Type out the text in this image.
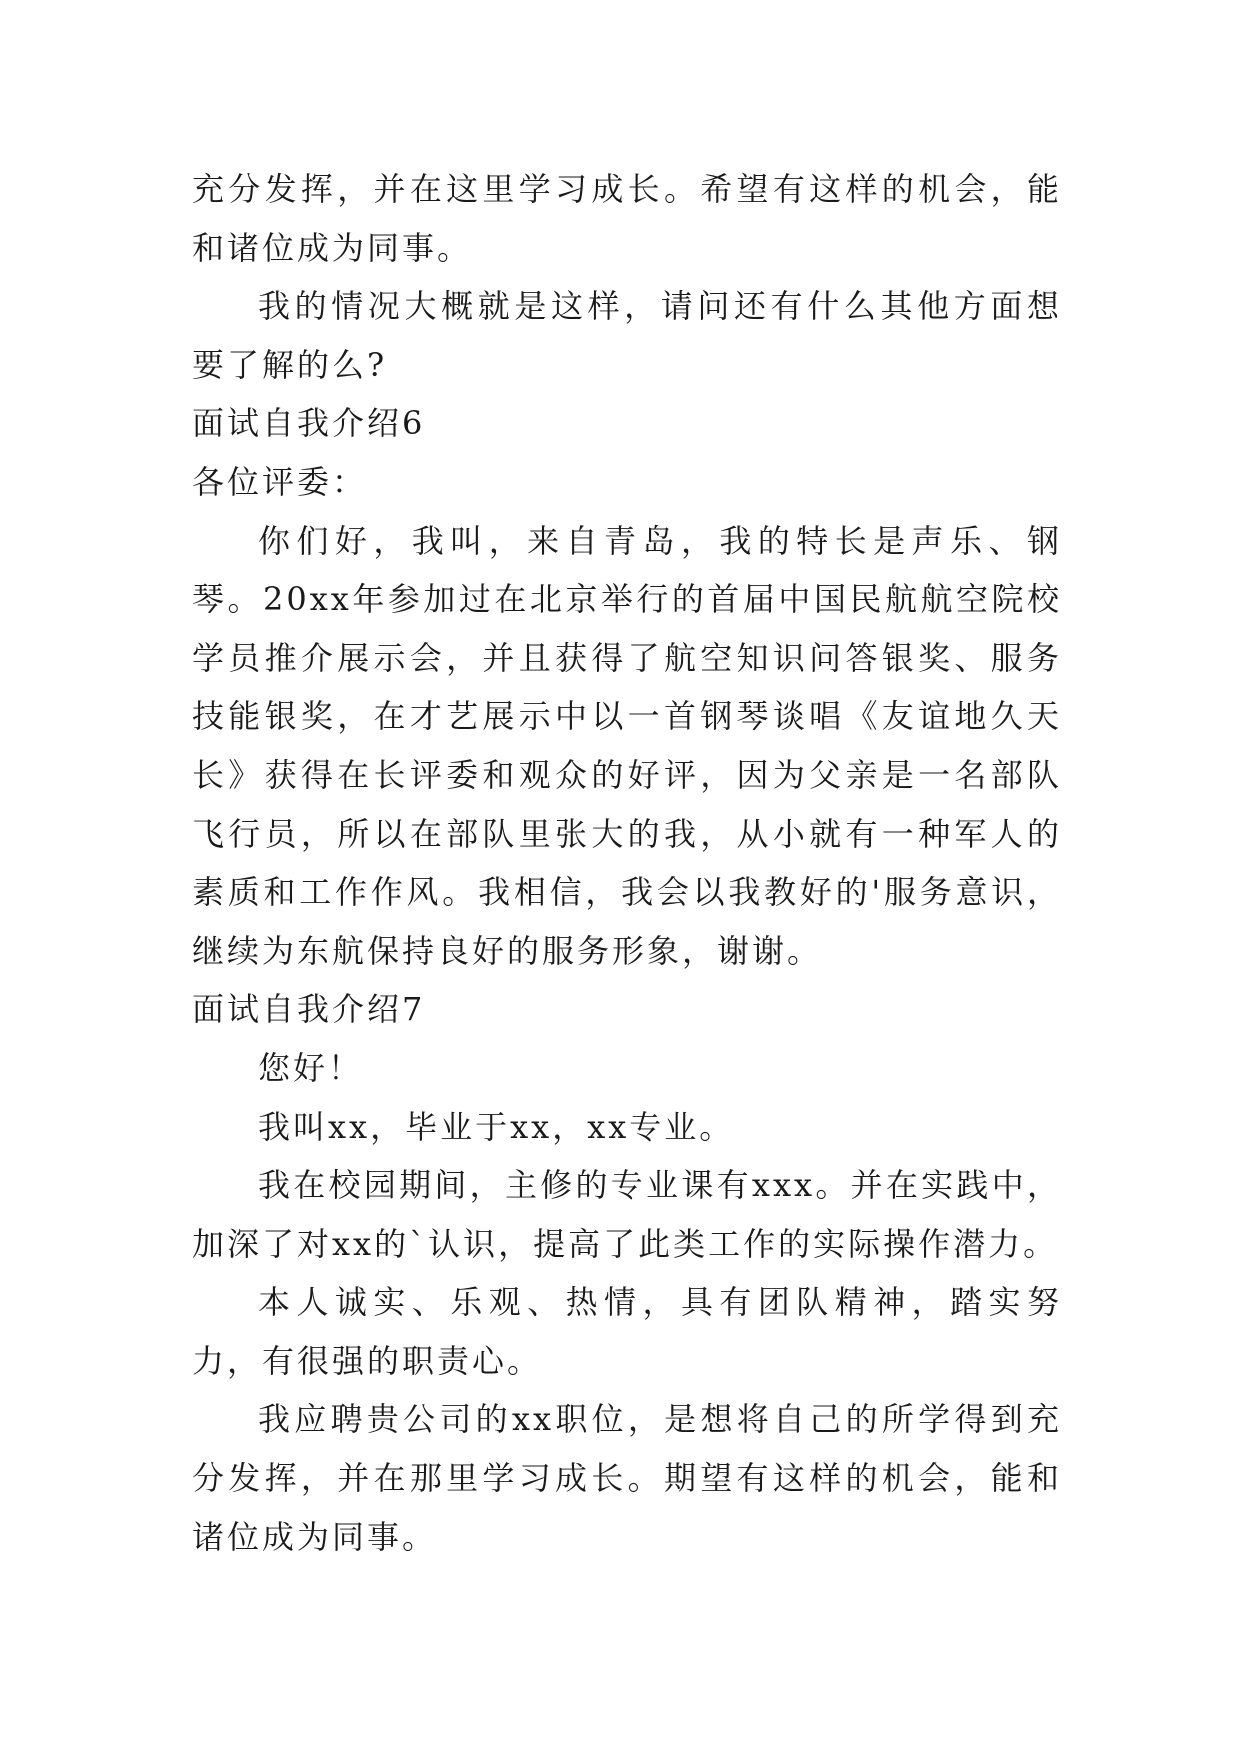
充分发挥，并在这里学习成长。希望有这样的机会，能和诸位成为同事。

我的情况大概就是这样，请问还有什么其他方面想要了解的么?

面试自我介绍6

各位评委：

你们好，我叫，来自青岛，我的特长是声乐、钢琴。20xx年参加过在北京举行的首届中国民航航空院校学员推介展示会，并且获得了航空知识问答银奖、服务技能银奖，在才艺展示中以一首钢琴谈唱《友谊地久天长》获得在长评委和观众的好评，因为父亲是一名部队飞行员，所以在部队里张大的我，从小就有一种军人的素质和工作作风。我相信，我会以我教好的'服务意识，继续为东航保持良好的服务形象，谢谢。

面试自我介绍7

您好！

我叫xx，毕业于xx，xx专业。

我在校园期间，主修的专业课有xxx。并在实践中，加深了对xx的`认识，提高了此类工作的实际操作潜力。

本人诚实、乐观、热情，具有团队精神，踏实努力，有很强的职责心。

我应聘贵公司的xx职位，是想将自己的所学得到充分发挥，并在那里学习成长。期望有这样的机会，能和诸位成为同事。
